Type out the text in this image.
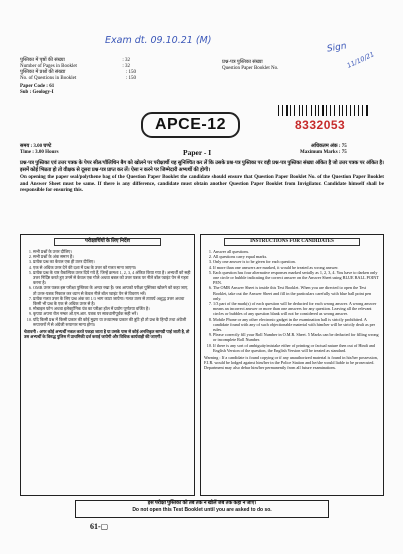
Exam dt. 09.10.21 (M)
Sign
11/10/21
पुस्तिका में पृष्ठों की संख्या	: 32
Number of Pages in Booklet	: 32
पुस्तिका में प्रश्नों की संख्या	: 150
No. of Questions in Booklet	: 150
Paper Code : 61
Sub : Geology-I
प्रश्न-पत्र पुस्तिका संख्या
Question Paper Booklet No.
APCE-12	8332053
समय : 3.00 घण्टे
Time : 3.00 Hours	Paper - I
अधिकतम अंक : 75
Maximum Marks : 75
प्रश्न-पत्र पुस्तिका एवं उत्तर पत्रक के पेपर सील/पॉलिथिन बैग को खोलने पर परीक्षार्थी यह सुनिश्चित कर लें कि उसके प्रश्न-पत्र पुस्तिका पर वही प्रश्न-पत्र पुस्तिका संख्या अंकित है जो उत्तर पत्रक पर अंकित है। इसमें कोई भिन्नता हो तो वीक्षक से दूसरा प्रश्न-पत्र प्राप्त कर लें। ऐसा न करने पर जिम्मेदारी अभ्यर्थी की होगी।
On opening the paper seal/polythene bag of the Question Paper Booklet the candidate should ensure that Question Paper Booklet No. of the Question Paper Booklet and Answer Sheet must be same. If there is any difference, candidate must obtain another Question Paper Booklet from Invigilator. Candidate himself shall be responsible for ensuring this.
परीक्षार्थियों के लिए निर्देश
1. सभी प्रश्नों के उत्तर दीजिए।
2. सभी प्रश्नों के अंक समान हैं।
3. प्रत्येक प्रश्न का केवल एक ही उत्तर दीजिए।
4. एक से अधिक उत्तर देने की दशा में प्रश्न के उत्तर को गलत माना जाएगा।
5. प्रत्येक प्रश्न के चार वैकल्पिक उत्तर दिये गये हैं, जिन्हें क्रमशः 1, 2, 3, 4 अंकित किया गया है। अभ्यर्थी को सही उत्तर निर्दिष्ट करते हुए उनमें से केवल एक गोले अथवा बबल को उत्तर पत्रक पर नीले बॉल प्वाइंट पेन से गहरा करना है।
6. OMR उत्तर पत्रक इस परीक्षा पुस्तिका के अन्दर रखा है। जब आपको परीक्षा पुस्तिका खोलने को कहा जाए, तो उत्तर-पत्रक निकाल कर ध्यान से केवल नीले बॉल प्वाइंट पेन से विवरण भरें।
7. प्रत्येक गलत उत्तर के लिए प्रश्न अंक का 1/3 भाग काटा जायेगा। गलत उत्तर से तात्पर्य अशुद्ध उत्तर अथवा किसी भी प्रश्न के एक से अधिक उत्तर से है।
8. मोबाइल फोन अथवा इलेक्ट्रॉनिक यंत्र का परीक्षा हॉल में प्रयोग पूर्णतया वर्जित है।
9. कृपया अपना रोल नम्बर ओ.एम.आर. पत्रक पर सावधानीपूर्वक सही भरें।
10. यदि किसी प्रश्न में किसी प्रकार की कोई मुद्रण या तथ्यात्मक प्रकार की त्रुटि हो तो प्रश्न के हिन्दी तथा अंग्रेजी रूपान्तरों में से अंग्रेजी रूपान्तर मान्य होगा।
चेतावनी : अगर कोई अभ्यर्थी नकल करते पकड़ा जाता है या उसके पास से कोई अनधिकृत सामग्री पाई जाती है, तो उस अभ्यर्थी के विरुद्ध पुलिस में प्राथमिकी दर्ज कराई जायेगी और विधिक कार्यवाही की जाएगी।
INSTRUCTIONS FOR CANDIDATES
1. Answer all questions.
2. All questions carry equal marks.
3. Only one answer is to be given for each question.
4. If more than one answers are marked, it would be treated as wrong answer.
5. Each question has four alternative responses marked serially as 1, 2, 3, 4. You have to darken only one circle or bubble indicating the correct answer on the Answer Sheet using BLUE BALL POINT PEN.
6. The OMR Answer Sheet is inside this Test Booklet. When you are directed to open the Test Booklet, take out the Answer Sheet and fill in the particulars carefully with blue ball point pen only.
7. 1/3 part of the mark(s) of each question will be deducted for each wrong answer. A wrong answer means an incorrect answer or more than one answers for any question. Leaving all the relevant circles or bubbles of any question blank will not be considered as wrong answer.
8. Mobile Phone or any other electronic gadget in the examination hall is strictly prohibited. A candidate found with any of such objectionable material with him/her will be strictly dealt as per rules.
9. Please correctly fill your Roll Number in O.M.R. Sheet. 5 Marks can be deducted for filling wrong or incomplete Roll Number.
10. If there is any sort of ambiguity/mistake either of printing or factual nature then out of Hindi and English Version of the question, the English Version will be treated as standard.
Warning : If a candidate is found copying or if any unauthorized material is found in his/her possession, F.I.R. would be lodged against him/her in the Police Station and he/she would liable to be prosecuted. Department may also debar him/her permanently from all future examinations.
इस परीक्षा पुस्तिका को तब तक न खोलें जब तक कहा न जाए।
Do not open this Test Booklet until you are asked to do so.
61-▢
